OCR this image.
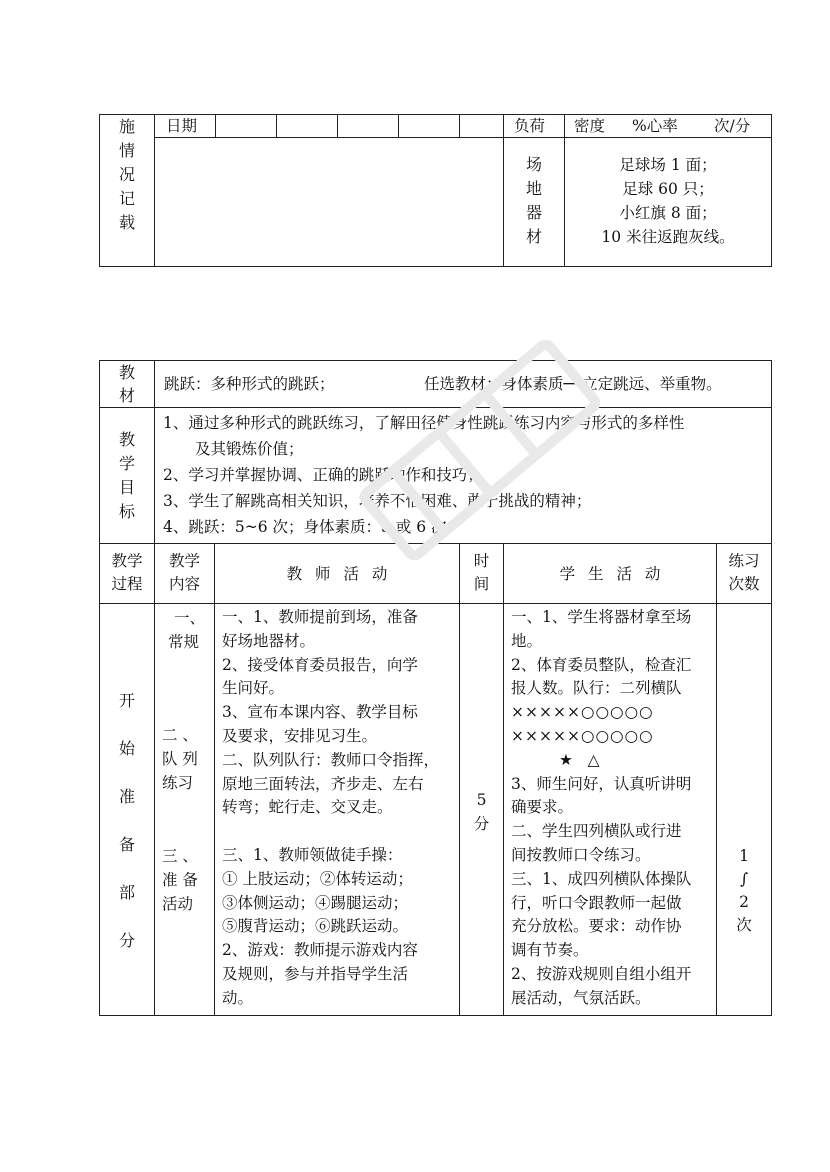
施
情
况
记
载
日期	负荷 密度 %心率 次/分
场
地
器
材
足球场 1 面；
足球 60 只；
小红旗 8 面；
10 米往返跑灰线。
教
材
跳跃：多种形式的跳跃；	任选教材：身体素质──立定跳远、举重物。
教
学
目
标
1、通过多种形式的跳跃练习，了解田径健身性跳跃练习内容与形式的多样性
及其锻炼价值；
2、学习并掌握协调、正确的跳跃动作和技巧；
3、学生了解跳高相关知识，培养不怕困难、敢于挑战的精神；
4、跳跃：5~6 次；身体素质：5 或 6 次。
教学
过程
教学
内容
教 师 活 动
时
间
学 生 活 动
练习
次数
开
始
准
备
部
分
一、
常规
二 、
队 列
练习
三 、
准 备
活动
一、1、教师提前到场，准备
好场地器材。
2、接受体育委员报告，向学
生问好。
3、宣布本课内容、教学目标
及要求，安排见习生。
二、队列队行：教师口令指挥，
原地三面转法，齐步走、左右
转弯；蛇行走、交叉走。
三、1、教师领做徒手操：
① 上肢运动；②体转运动；
③体侧运动；④踢腿运动；
⑤腹背运动；⑥跳跃运动。
2、游戏：教师提示游戏内容
及规则，参与并指导学生活
动。
5
分
一、1、学生将器材拿至场
地。
2、体育委员整队，检查汇
报人数。队行：二列横队
×××××○○○○○
×××××○○○○○
★   △
3、师生问好，认真听讲明
确要求。
二、学生四列横队或行进
间按教师口令练习。
三、1、成四列横队体操队
行，听口令跟教师一起做
充分放松。要求：动作协
调有节奏。
2、按游戏规则自组小组开
展活动，气氛活跃。
1
∫
2
次
